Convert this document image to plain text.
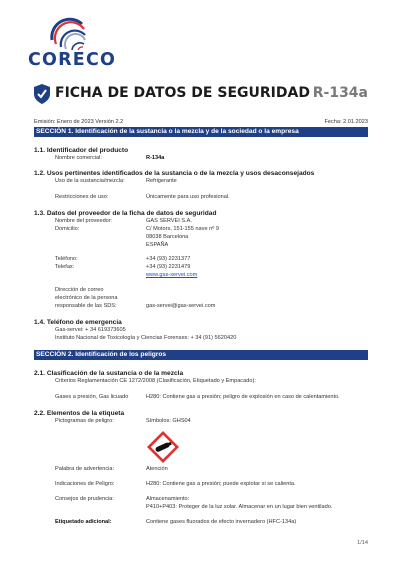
CORECO
FICHA DE DATOS DE SEGURIDAD R-134a
Emisión: Enero de 2023 Versión 2.2	Fecha: 2.01.2023
SECCIÓN 1. Identificación de la sustancia o la mezcla y de la sociedad o la empresa
1.1. Identificador del producto
Nombre comercial:	R-134a
1.2. Usos pertinentes identificados de la sustancia o de la mezcla y usos desaconsejados
Uso de la sustancia/mezcla:	Refrigerante
Restricciones de uso:	Únicamente para uso profesional.
1.3. Datos del proveedor de la ficha de datos de seguridad
Nombre del proveedor:	GAS SERVEI S.A.
Domicilio:	C/ Motors, 151-155 nave nº 9
08038 Barcelona
ESPAÑA
Teléfono:	+34 (93) 2231377
Telefax:	+34 (93) 2231479
www.gas-servei.com
Dirección de correo
electrónico de la persona
responsable de las SDS:	gas-servei@gas-servei.com
1.4. Teléfono de emergencia
Gas-servei: + 34 619373605
Instituto Nacional de Toxicología y Ciencias Forenses: + 34 (91) 5620420
SECCIÓN 2. Identificación de los peligros
2.1. Clasificación de la sustancia o de la mezcla
Criterios Reglamentación CE 1272/2008 (Clasificación, Etiquetado y Empacado):
Gases a presión, Gas licuado	H280: Contiene gas a presión; peligro de explosión en caso de calentamiento.
2.2. Elementos de la etiqueta
Pictogramas de peligro:	Símbolos: GHS04
Palabra de advertencia:	Atención
Indicaciones de Peligro:	H280: Contiene gas a presión; puede explotar si se calienta.
Consejos de prudencia:	Almacenamiento:
P410+P403: Proteger de la luz solar. Almacenar en un lugar bien ventilado.
Etiquetado adicional:	Contiene gases fluorados de efecto invernadero (HFC-134a)
1/14
